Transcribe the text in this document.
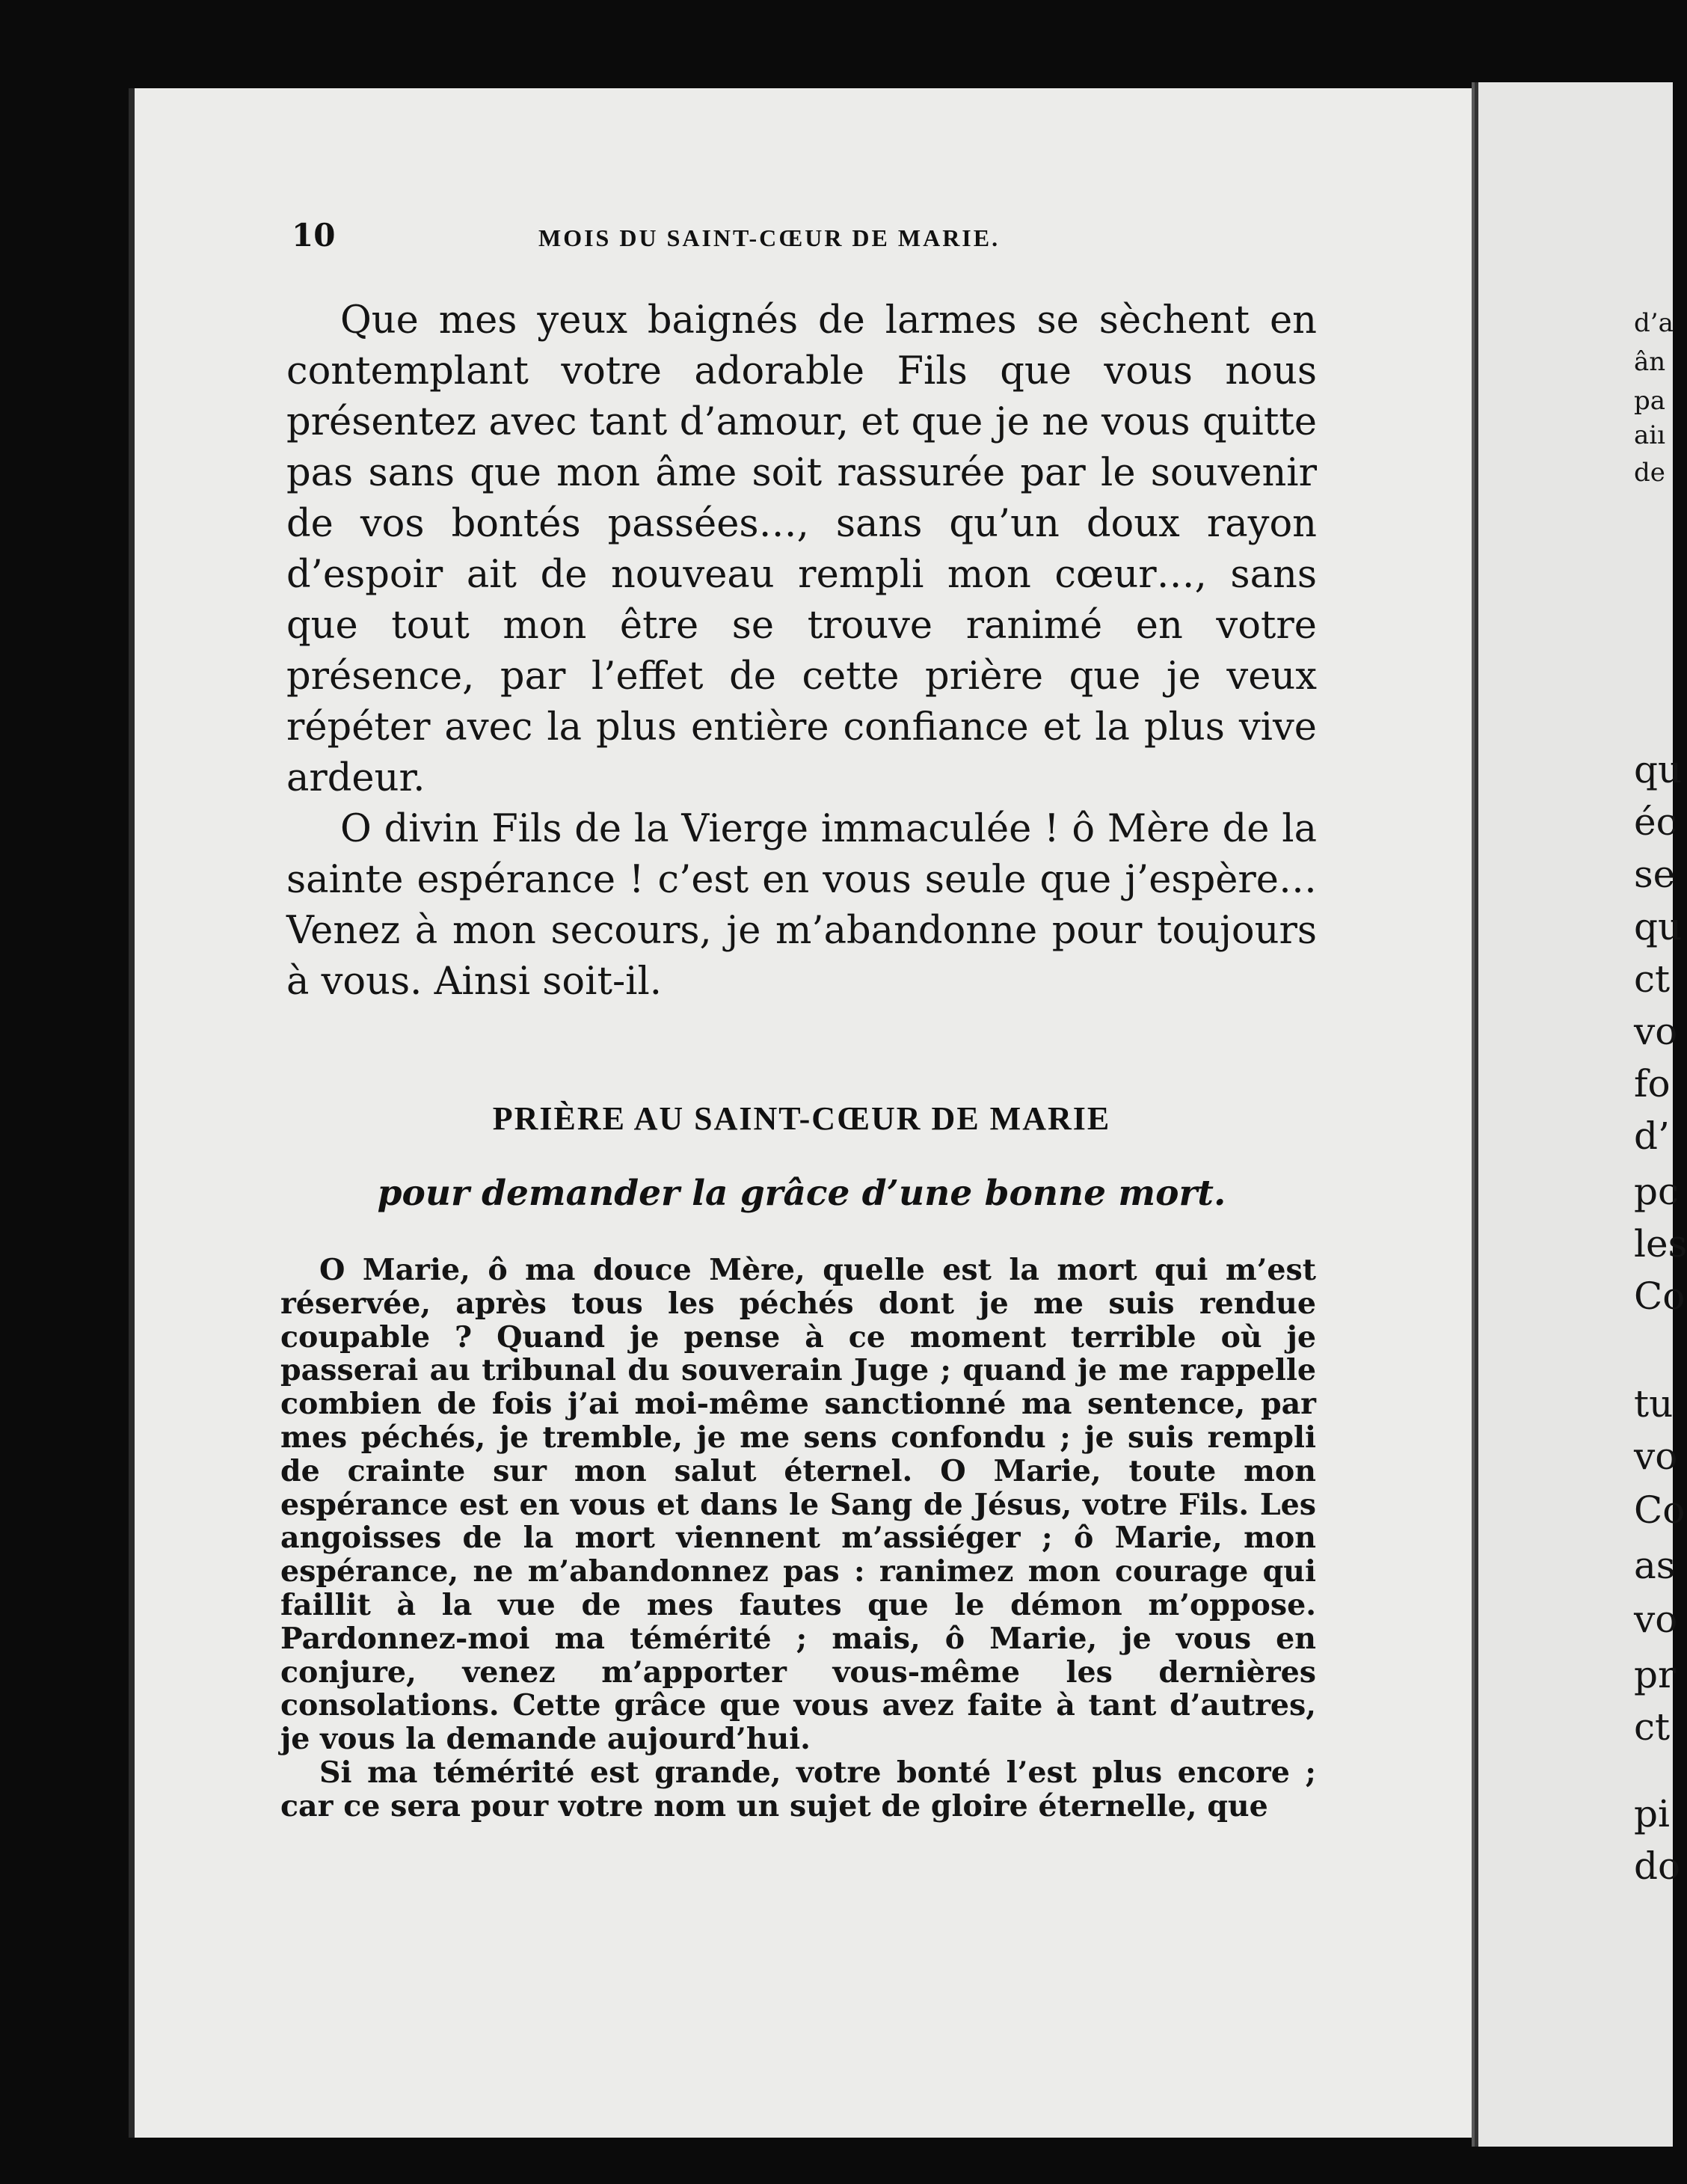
10	MOIS DU SAINT-CŒUR DE MARIE.

Que mes yeux baignés de larmes se sèchent en contemplant votre adorable Fils que vous nous présentez avec tant d’amour, et que je ne vous quitte pas sans que mon âme soit rassurée par le souvenir de vos bontés passées…, sans qu’un doux rayon d’espoir ait de nouveau rempli mon cœur…, sans que tout mon être se trouve ranimé en votre présence, par l’effet de cette prière que je veux répéter avec la plus entière confiance et la plus vive ardeur.

O divin Fils de la Vierge immaculée ! ô Mère de la sainte espérance ! c’est en vous seule que j’espère… Venez à mon secours, je m’abandonne pour toujours à vous. Ainsi soit-il.

PRIÈRE AU SAINT-CŒUR DE MARIE
pour demander la grâce d’une bonne mort.

O Marie, ô ma douce Mère, quelle est la mort qui m’est réservée, après tous les péchés dont je me suis rendue coupable ? Quand je pense à ce moment terrible où je passerai au tribunal du souverain Juge ; quand je me rappelle combien de fois j’ai moi-même sanctionné ma sentence, par mes péchés, je tremble, je me sens confondu ; je suis rempli de crainte sur mon salut éternel. O Marie, toute mon espérance est en vous et dans le Sang de Jésus, votre Fils. Les angoisses de la mort viennent m’assiéger ; ô Marie, mon espérance, ne m’abandonnez pas : ranimez mon courage qui faillit à la vue de mes fautes que le démon m’oppose. Pardonnez-moi ma témérité ; mais, ô Marie, je vous en conjure, venez m’apporter vous-même les dernières consolations. Cette grâce que vous avez faite à tant d’autres, je vous la demande aujourd’hui.

Si ma témérité est grande, votre bonté l’est plus encore ; car ce sera pour votre nom un sujet de gloire éternelle, que

d’a
ân
pa
aiı
de
qu
éc
se
qu
ct
vo
fo
d’
pc
les
Co
tu
vo
Co
as
vo
pr
ct
pi
do
